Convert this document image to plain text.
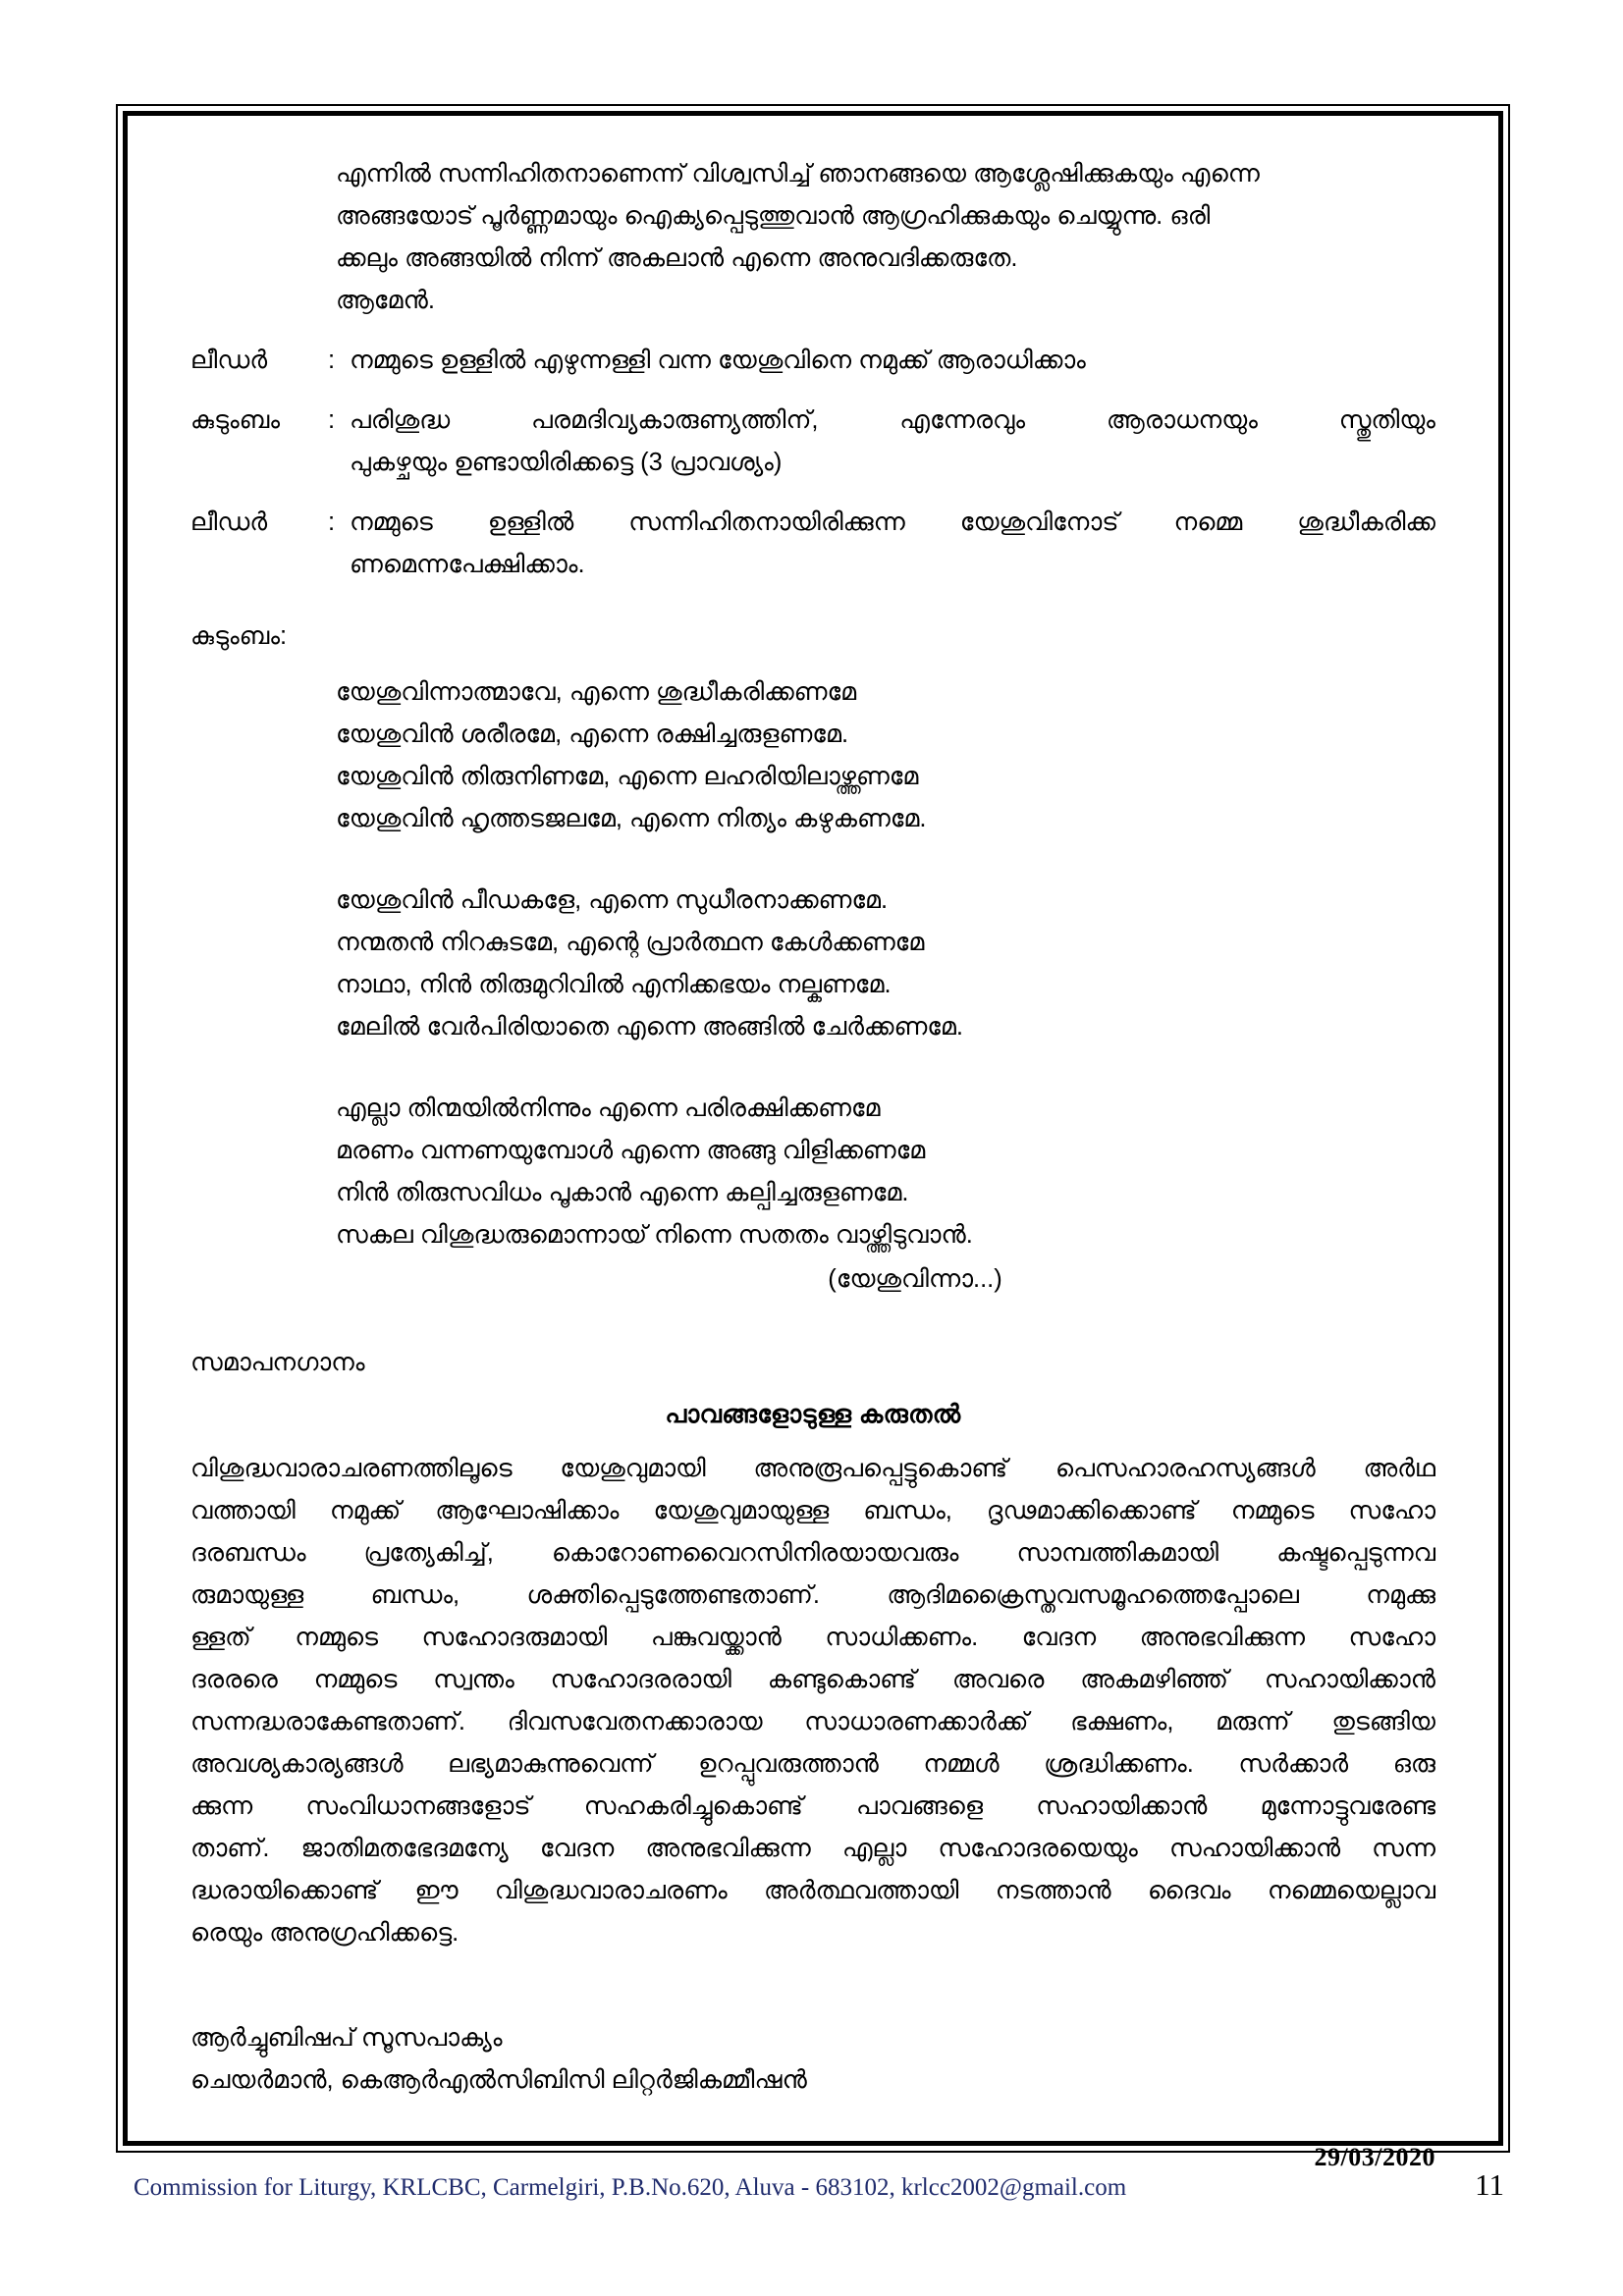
എന്നിൽ സന്നിഹിതനാണെന്ന് വിശ്വസിച്ച് ഞാനങ്ങയെ ആശ്ലേഷിക്കുകയും എന്നെ
അങ്ങയോട് പൂർണ്ണമായും ഐക്യപ്പെടുത്തുവാൻ ആഗ്രഹിക്കുകയും ചെയ്യുന്നു. ഒരി
ക്കലും അങ്ങയിൽ നിന്ന് അകലാൻ എന്നെ അനുവദിക്കരുതേ.
ആമേൻ.
ലീഡർ	: നമ്മുടെ ഉള്ളിൽ എഴുന്നള്ളി വന്ന യേശുവിനെ നമുക്ക് ആരാധിക്കാം
കുടുംബം	: പരിശുദ്ധ പരമദിവ്യകാരുണ്യത്തിന്, എന്നേരവും ആരാധനയും സ്തുതിയും
പുകഴ്ചയും ഉണ്ടായിരിക്കട്ടെ (3 പ്രാവശ്യം)
ലീഡർ	: നമ്മുടെ ഉള്ളിൽ സന്നിഹിതനായിരിക്കുന്ന യേശുവിനോട് നമ്മെ ശുദ്ധീകരിക്ക
ണമെന്നപേക്ഷിക്കാം.
കുടുംബം:
യേശുവിന്നാത്മാവേ, എന്നെ ശുദ്ധീകരിക്കണമേ
യേശുവിൻ ശരീരമേ, എന്നെ രക്ഷിച്ചരുളണമേ.
യേശുവിൻ തിരുനിണമേ, എന്നെ ലഹരിയിലാഴ്ത്തണമേ
യേശുവിൻ ഹൃത്തടജലമേ, എന്നെ നിത്യം കഴുകണമേ.
യേശുവിൻ പീഡകളേ, എന്നെ സുധീരനാക്കണമേ.
നന്മതൻ നിറകുടമേ, എന്റെ പ്രാർത്ഥന കേൾക്കണമേ
നാഥാ, നിൻ തിരുമുറിവിൽ എനിക്കഭയം നല്കണമേ.
മേലിൽ വേർപിരിയാതെ എന്നെ അങ്ങിൽ ചേർക്കണമേ.
എല്ലാ തിന്മയിൽനിന്നും എന്നെ പരിരക്ഷിക്കണമേ
മരണം വന്നണയുമ്പോൾ എന്നെ അങ്ങു വിളിക്കണമേ
നിൻ തിരുസവിധം പൂകാൻ എന്നെ കല്പിച്ചരുളണമേ.
സകല വിശുദ്ധരുമൊന്നായ് നിന്നെ സതതം വാഴ്ത്തിടുവാൻ.
(യേശുവിന്നാ...)
സമാപനഗാനം
പാവങ്ങളോടുള്ള കരുതൽ
വിശുദ്ധവാരാചരണത്തിലൂടെ യേശുവുമായി അനുരൂപപ്പെട്ടുകൊണ്ട് പെസഹാരഹസ്യങ്ങൾ അർഥ
വത്തായി നമുക്ക് ആഘോഷിക്കാം യേശുവുമായുള്ള ബന്ധം, ദൃഢമാക്കിക്കൊണ്ട് നമ്മുടെ സഹോ
ദരബന്ധം പ്രത്യേകിച്ച്, കൊറോണവൈറസിനിരയായവരും സാമ്പത്തികമായി കഷ്ടപ്പെടുന്നവ
രുമായുള്ള ബന്ധം, ശക്തിപ്പെടുത്തേണ്ടതാണ്. ആദിമക്രൈസ്തവസമൂഹത്തെപ്പോലെ നമുക്കു
ള്ളത് നമ്മുടെ സഹോദരുമായി പങ്കുവയ്ക്കാൻ സാധിക്കണം. വേദന അനുഭവിക്കുന്ന സഹോ
ദരരരെ നമ്മുടെ സ്വന്തം സഹോദരരായി കണ്ടുകൊണ്ട് അവരെ അകമഴിഞ്ഞ് സഹായിക്കാൻ
സന്നദ്ധരാകേണ്ടതാണ്. ദിവസവേതനക്കാരായ സാധാരണക്കാർക്ക് ഭക്ഷണം, മരുന്ന് തുടങ്ങിയ
അവശ്യകാര്യങ്ങൾ ലഭ്യമാകുന്നുവെന്ന് ഉറപ്പുവരുത്താൻ നമ്മൾ ശ്രദ്ധിക്കണം. സർക്കാർ ഒരു
ക്കുന്ന സംവിധാനങ്ങളോട് സഹകരിച്ചുകൊണ്ട് പാവങ്ങളെ സഹായിക്കാൻ മുന്നോട്ടുവരേണ്ട
താണ്. ജാതിമതഭേദമന്യേ വേദന അനുഭവിക്കുന്ന എല്ലാ സഹോദരയെയും സഹായിക്കാൻ സന്ന
ദ്ധരായിക്കൊണ്ട് ഈ വിശുദ്ധവാരാചരണം അർത്ഥവത്തായി നടത്താൻ ദൈവം നമ്മെയെല്ലാവ
രെയും അനുഗ്രഹിക്കട്ടെ.
ആർച്ചുബിഷപ് സൂസപാക്യം
ചെയർമാൻ, കെആർഎൽസിബിസി ലിറ്റർജികമ്മീഷൻ
29/03/2020
Commission for Liturgy, KRLCBC, Carmelgiri, P.B.No.620, Aluva - 683102, krlcc2002@gmail.com	11
